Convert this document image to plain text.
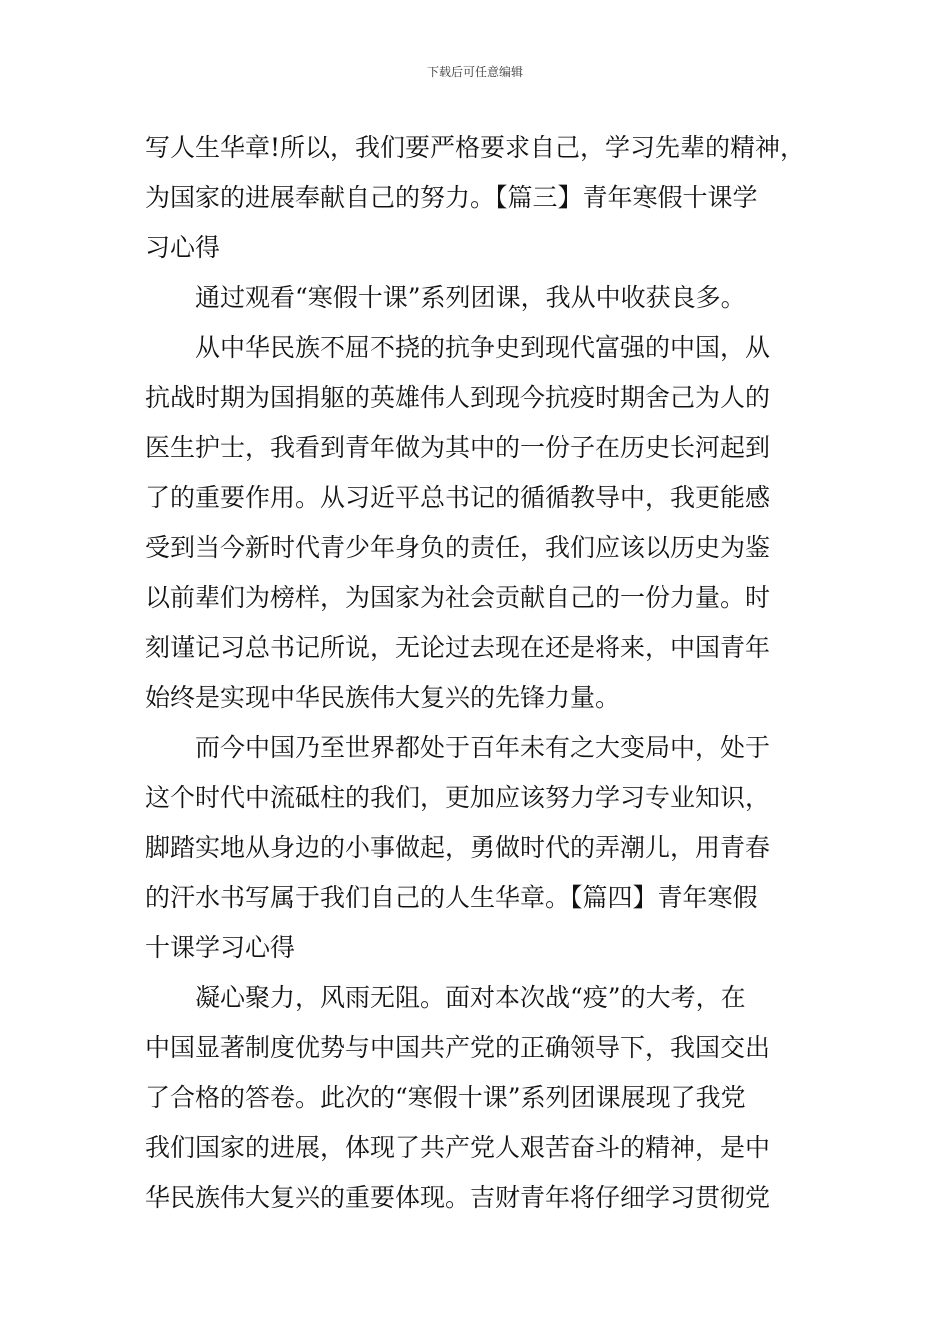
下载后可任意编辑
写人生华章!所以，我们要严格要求自己，学习先辈的精神，
为国家的进展奉献自己的努力。【篇三】青年寒假十课学
习心得
通过观看“寒假十课”系列团课，我从中收获良多。
从中华民族不屈不挠的抗争史到现代富强的中国，从
抗战时期为国捐躯的英雄伟人到现今抗疫时期舍己为人的
医生护士，我看到青年做为其中的一份子在历史长河起到
了的重要作用。从习近平总书记的循循教导中，我更能感
受到当今新时代青少年身负的责任，我们应该以历史为鉴
以前辈们为榜样，为国家为社会贡献自己的一份力量。时
刻谨记习总书记所说，无论过去现在还是将来，中国青年
始终是实现中华民族伟大复兴的先锋力量。
而今中国乃至世界都处于百年未有之大变局中，处于
这个时代中流砥柱的我们，更加应该努力学习专业知识，
脚踏实地从身边的小事做起，勇做时代的弄潮儿，用青春
的汗水书写属于我们自己的人生华章。【篇四】青年寒假
十课学习心得
凝心聚力，风雨无阻。面对本次战“疫”的大考，在
中国显著制度优势与中国共产党的正确领导下，我国交出
了合格的答卷。此次的“寒假十课”系列团课展现了我党
我们国家的进展，体现了共产党人艰苦奋斗的精神，是中
华民族伟大复兴的重要体现。吉财青年将仔细学习贯彻党
